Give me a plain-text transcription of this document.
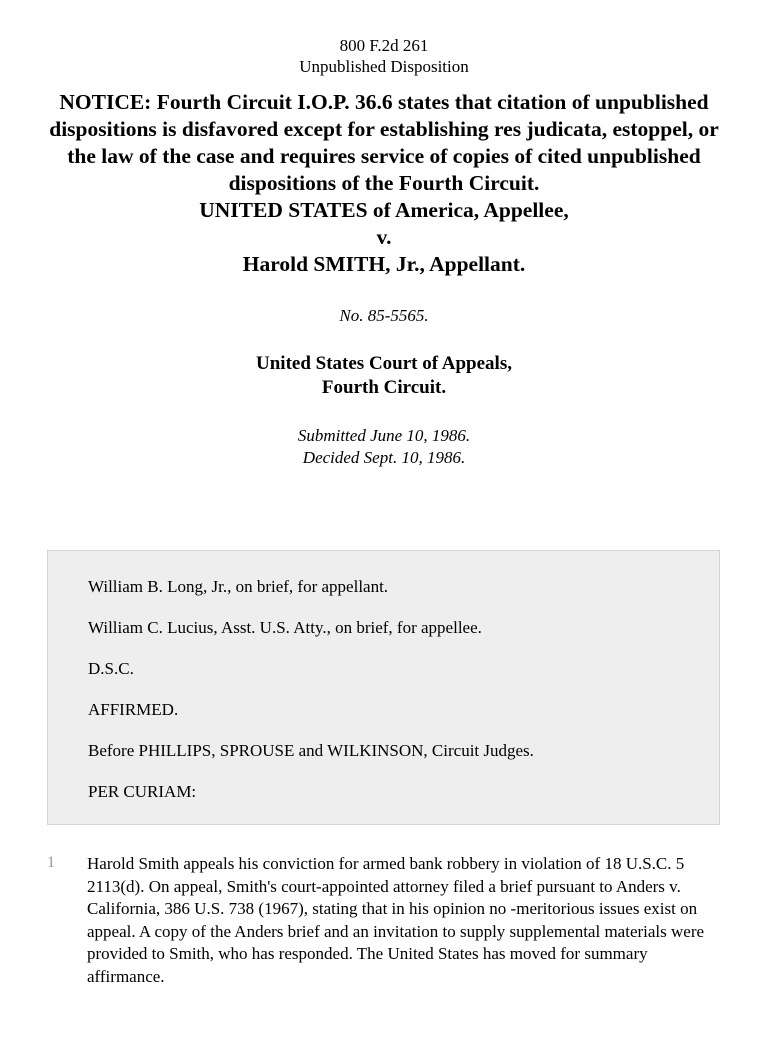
800 F.2d 261
Unpublished Disposition
NOTICE: Fourth Circuit I.O.P. 36.6 states that citation of unpublished dispositions is disfavored except for establishing res judicata, estoppel, or the law of the case and requires service of copies of cited unpublished dispositions of the Fourth Circuit.
UNITED STATES of America, Appellee,
v.
Harold SMITH, Jr., Appellant.
No. 85-5565.
United States Court of Appeals,
Fourth Circuit.
Submitted June 10, 1986.
Decided Sept. 10, 1986.

William B. Long, Jr., on brief, for appellant.

William C. Lucius, Asst. U.S. Atty., on brief, for appellee.

D.S.C.

AFFIRMED.

Before PHILLIPS, SPROUSE and WILKINSON, Circuit Judges.

PER CURIAM:

1 Harold Smith appeals his conviction for armed bank robbery in violation of 18 U.S.C. 5 2113(d). On appeal, Smith's court-appointed attorney filed a brief pursuant to Anders v. California, 386 U.S. 738 (1967), stating that in his opinion no -meritorious issues exist on appeal. A copy of the Anders brief and an invitation to supply supplemental materials were provided to Smith, who has responded. The United States has moved for summary affirmance.
